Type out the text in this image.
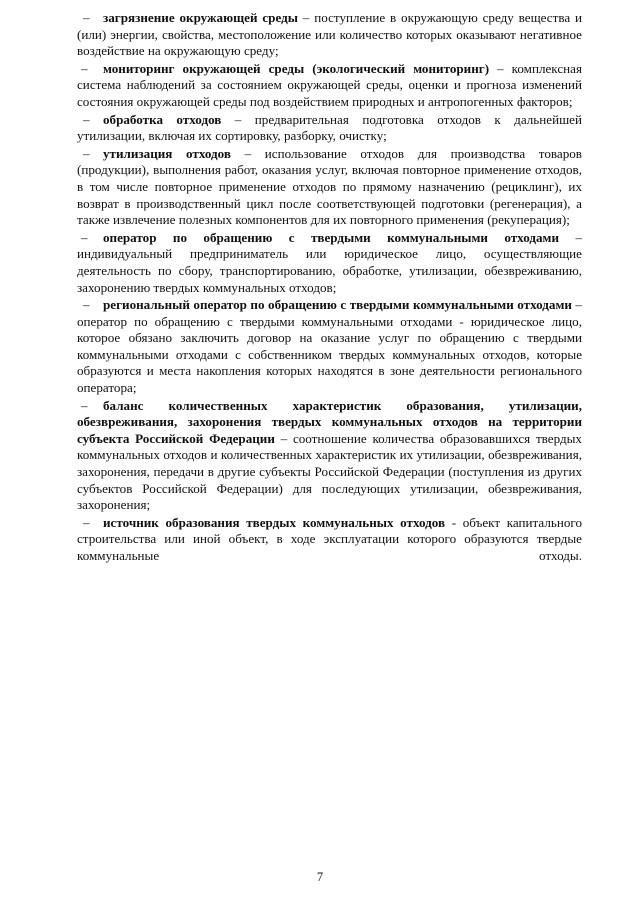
– загрязнение окружающей среды – поступление в окружающую среду вещества и (или) энергии, свойства, местоположение или количество которых оказывают негативное воздействие на окружающую среду;

– мониторинг окружающей среды (экологический мониторинг) – комплексная система наблюдений за состоянием окружающей среды, оценки и прогноза изменений состояния окружающей среды под воздействием природных и антропогенных факторов;

– обработка отходов – предварительная подготовка отходов к дальнейшей утилизации, включая их сортировку, разборку, очистку;

– утилизация отходов – использование отходов для производства товаров (продукции), выполнения работ, оказания услуг, включая повторное применение отходов, в том числе повторное применение отходов по прямому назначению (рециклинг), их возврат в производственный цикл после соответствующей подготовки (регенерация), а также извлечение полезных компонентов для их повторного применения (рекуперация);

– оператор по обращению с твердыми коммунальными отходами – индивидуальный предприниматель или юридическое лицо, осуществляющие деятельность по сбору, транспортированию, обработке, утилизации, обезвреживанию, захоронению твердых коммунальных отходов;

– региональный оператор по обращению с твердыми коммунальными отходами – оператор по обращению с твердыми коммунальными отходами - юридическое лицо, которое обязано заключить договор на оказание услуг по обращению с твердыми коммунальными отходами с собственником твердых коммунальных отходов, которые образуются и места накопления которых находятся в зоне деятельности регионального оператора;

– баланс количественных характеристик образования, утилизации, обезвреживания, захоронения твердых коммунальных отходов на территории субъекта Российской Федерации – соотношение количества образовавшихся твердых коммунальных отходов и количественных характеристик их утилизации, обезвреживания, захоронения, передачи в другие субъекты Российской Федерации (поступления из других субъектов Российской Федерации) для последующих утилизации, обезвреживания, захоронения;

– источник образования твердых коммунальных отходов - объект капитального строительства или иной объект, в ходе эксплуатации которого образуются твердые коммунальные отходы.

7
